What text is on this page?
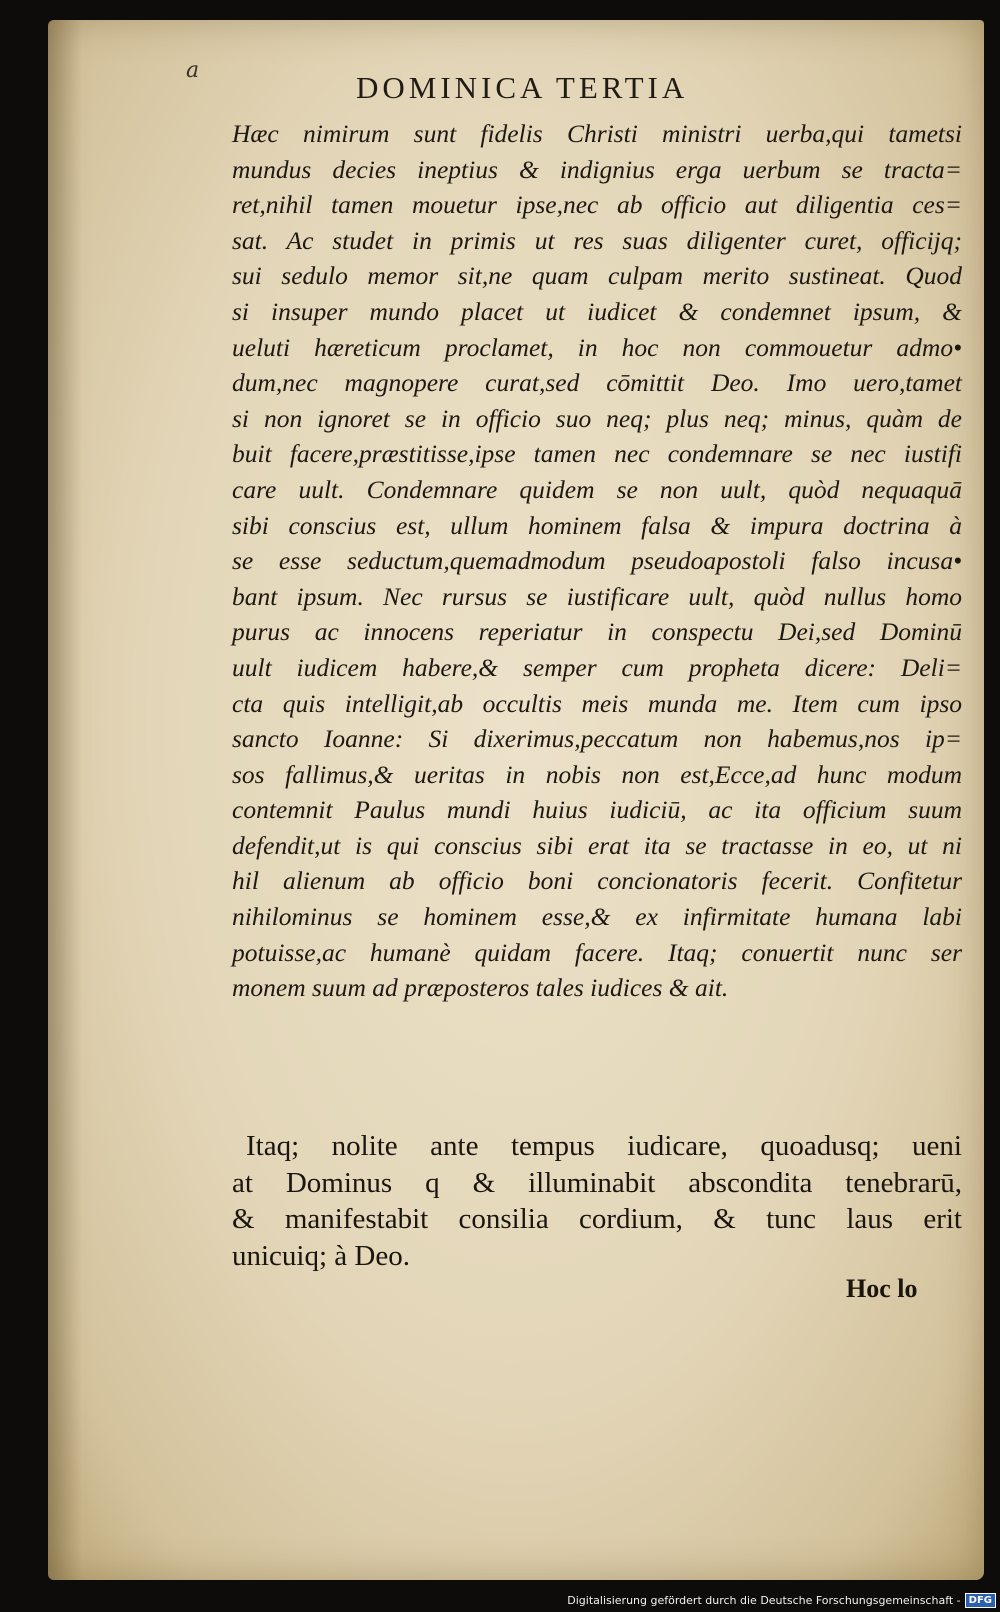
a	DOMINICA TERTIA
Hæc nimirum sunt fidelis Christi ministri uerba,qui tametsi
mundus decies ineptius & indignius erga uerbum se tracta=
ret,nihil tamen mouetur ipse,nec ab officio aut diligentia ces=
sat. Ac studet in primis ut res suas diligenter curet, officijq;
sui sedulo memor sit,ne quam culpam merito sustineat. Quod
si insuper mundo placet ut iudicet & condemnet ipsum, &
ueluti hæreticum proclamet, in hoc non commouetur admo•
dum,nec magnopere curat,sed cōmittit Deo. Imo uero,tamet
si non ignoret se in officio suo neq; plus neq; minus, quàm de
buit facere,præstitisse,ipse tamen nec condemnare se nec iustifi
care uult. Condemnare quidem se non uult, quòd nequaquā
sibi conscius est, ullum hominem falsa & impura doctrina à
se esse seductum,quemadmodum pseudoapostoli falso incusa•
bant ipsum. Nec rursus se iustificare uult, quòd nullus homo
purus ac innocens reperiatur in conspectu Dei,sed Dominū
uult iudicem habere,& semper cum propheta dicere: Deli=
cta quis intelligit,ab occultis meis munda me. Item cum ipso
sancto Ioanne: Si dixerimus,peccatum non habemus,nos ip=
sos fallimus,& ueritas in nobis non est,Ecce,ad hunc modum
contemnit Paulus mundi huius iudiciū, ac ita officium suum
defendit,ut is qui conscius sibi erat ita se tractasse in eo, ut ni
hil alienum ab officio boni concionatoris fecerit. Confitetur
nihilominus se hominem esse,& ex infirmitate humana labi
potuisse,ac humanè quidam facere. Itaq; conuertit nunc ser
monem suum ad præposteros tales iudices & ait.
Itaq; nolite ante tempus iudicare, quoadusq; ueni
at Dominus q & illuminabit abscondita tenebrarū,
& manifestabit consilia cordium, & tunc laus erit
unicuiq; à Deo.
Hoc lo
Digitalisierung gefördert durch die Deutsche Forschungsgemeinschaft - DFG
